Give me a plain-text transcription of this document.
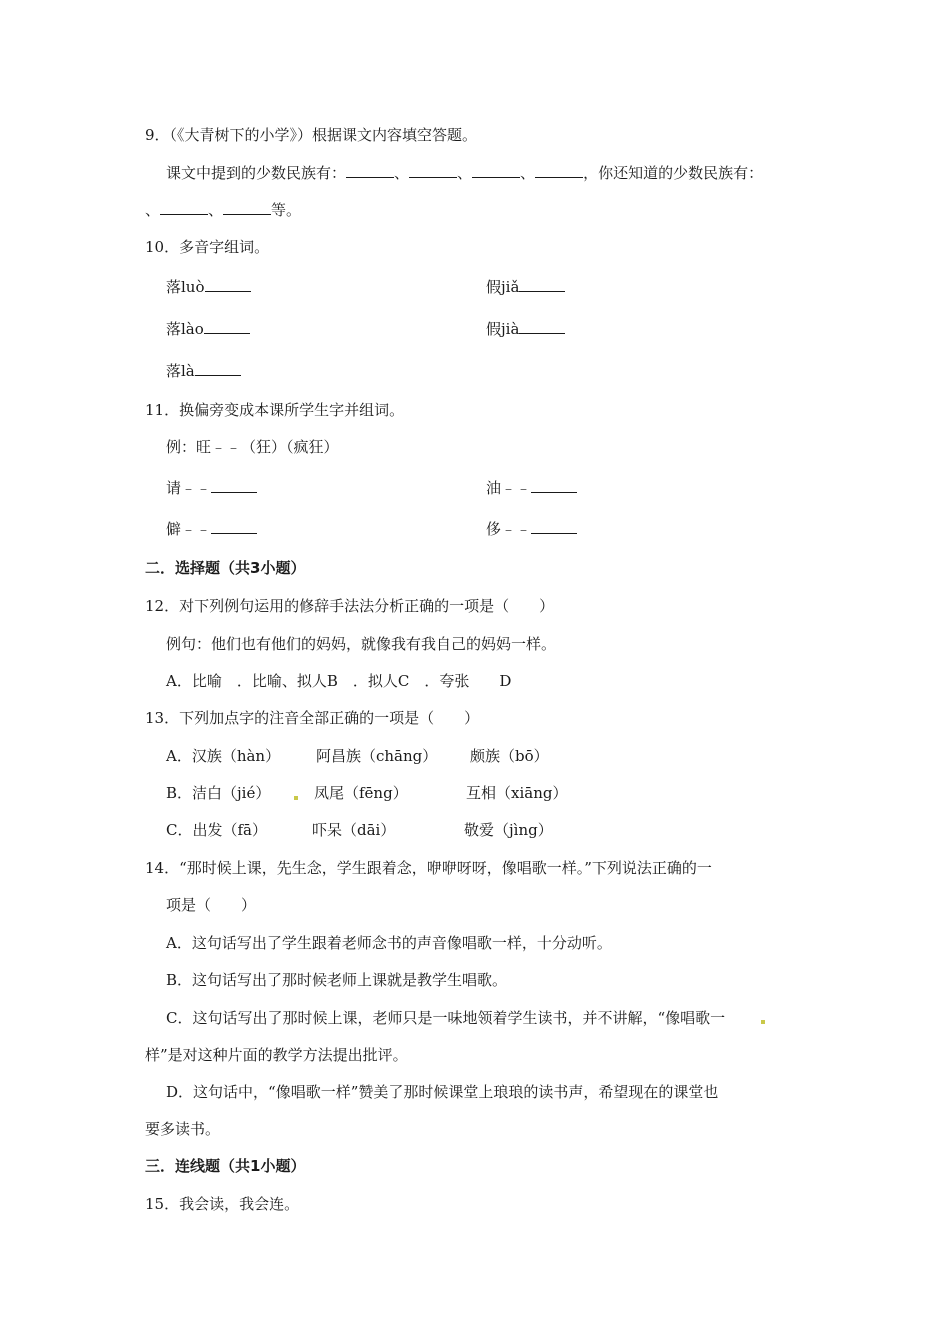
9．（《大青树下的小学》）根据课文内容填空答题。
课文中提到的少数民族有：	、	、	、	，你还知道的少数民族有：
、	、	等。
10．多音字组词。
落luò	假jiǎ
落lào	假jià
落là
11．换偏旁变成本课所学生字并组词。
例：旺﹣﹣（狂）（疯狂）
请﹣﹣	油﹣﹣
僻﹣﹣	侈﹣﹣
二．选择题（共3小题）
12．对下列例句运用的修辞手法法分析正确的一项是（　　）
例句：他们也有他们的妈妈，就像我有我自己的妈妈一样。
A．比喻　．比喻、拟人B　．拟人C　．夸张　　D
13．下列加点字的注音全部正确的一项是（　　）
A．汉族（hàn） 阿昌族（chāng） 颇族（bō）
B．洁白（jié）	凤尾（fēng）	互相（xiāng）
C．出发（fā）	吓呆（dāi）	敬爱（jìng）
14．“那时候上课，先生念，学生跟着念，咿咿呀呀，像唱歌一样。”下列说法正确的一
项是（　　）
A．这句话写出了学生跟着老师念书的声音像唱歌一样，十分动听。
B．这句话写出了那时候老师上课就是教学生唱歌。
C．这句话写出了那时候上课，老师只是一味地领着学生读书，并不讲解，“像唱歌一
样”是对这种片面的教学方法提出批评。
D．这句话中，“像唱歌一样”赞美了那时候课堂上琅琅的读书声，希望现在的课堂也
要多读书。
三．连线题（共1小题）
15．我会读，我会连。
